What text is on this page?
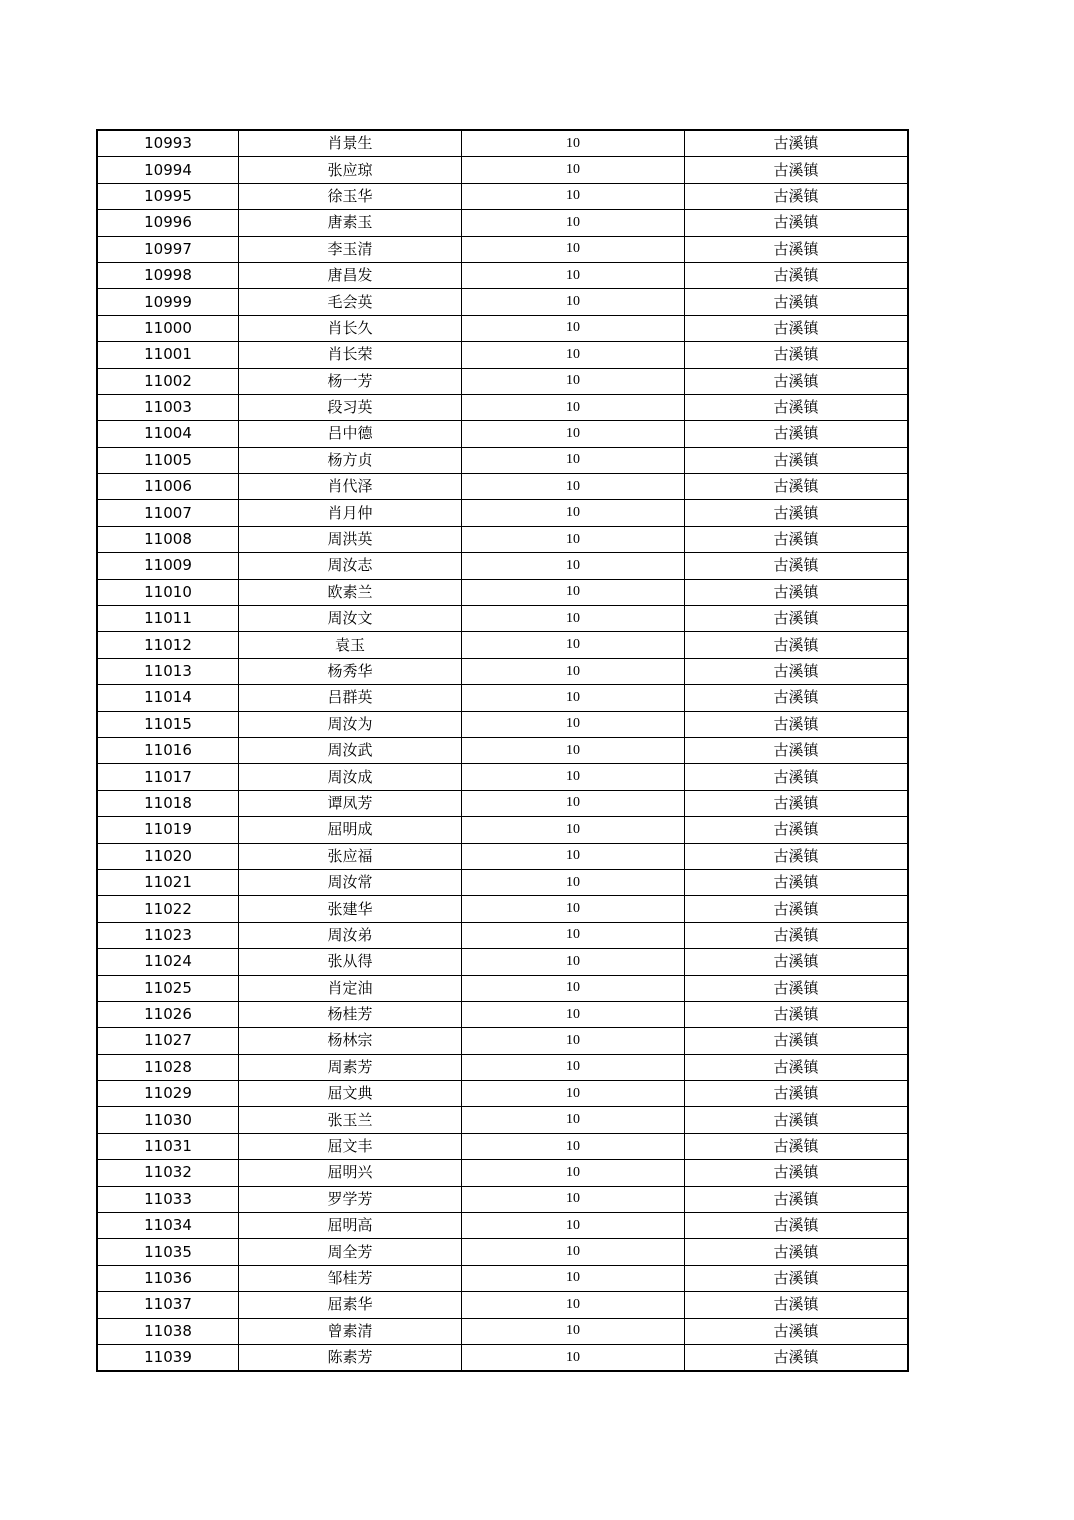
10993	肖景生	10	古溪镇
10994	张应琼	10	古溪镇
10995	徐玉华	10	古溪镇
10996	唐素玉	10	古溪镇
10997	李玉清	10	古溪镇
10998	唐昌发	10	古溪镇
10999	毛会英	10	古溪镇
11000	肖长久	10	古溪镇
11001	肖长荣	10	古溪镇
11002	杨一芳	10	古溪镇
11003	段习英	10	古溪镇
11004	吕中德	10	古溪镇
11005	杨方贞	10	古溪镇
11006	肖代泽	10	古溪镇
11007	肖月仲	10	古溪镇
11008	周洪英	10	古溪镇
11009	周汝志	10	古溪镇
11010	欧素兰	10	古溪镇
11011	周汝文	10	古溪镇
11012	袁玉	10	古溪镇
11013	杨秀华	10	古溪镇
11014	吕群英	10	古溪镇
11015	周汝为	10	古溪镇
11016	周汝武	10	古溪镇
11017	周汝成	10	古溪镇
11018	谭凤芳	10	古溪镇
11019	屈明成	10	古溪镇
11020	张应福	10	古溪镇
11021	周汝常	10	古溪镇
11022	张建华	10	古溪镇
11023	周汝弟	10	古溪镇
11024	张从得	10	古溪镇
11025	肖定油	10	古溪镇
11026	杨桂芳	10	古溪镇
11027	杨林宗	10	古溪镇
11028	周素芳	10	古溪镇
11029	屈文典	10	古溪镇
11030	张玉兰	10	古溪镇
11031	屈文丰	10	古溪镇
11032	屈明兴	10	古溪镇
11033	罗学芳	10	古溪镇
11034	屈明高	10	古溪镇
11035	周全芳	10	古溪镇
11036	邹桂芳	10	古溪镇
11037	屈素华	10	古溪镇
11038	曾素清	10	古溪镇
11039	陈素芳	10	古溪镇
